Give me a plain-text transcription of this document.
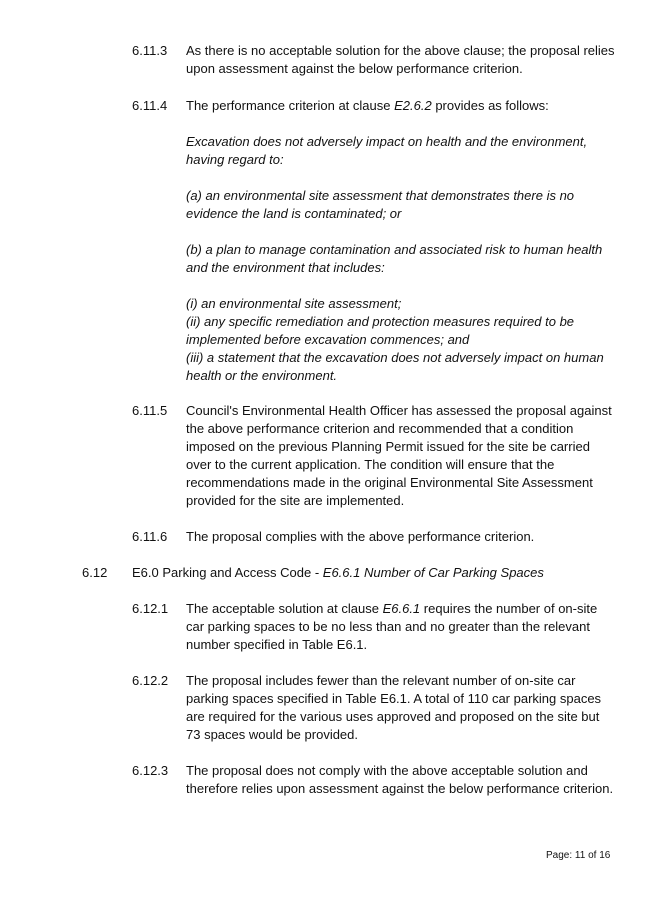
6.11.3 As there is no acceptable solution for the above clause; the proposal relies upon assessment against the below performance criterion.

6.11.4 The performance criterion at clause E2.6.2 provides as follows:

Excavation does not adversely impact on health and the environment, having regard to:

(a) an environmental site assessment that demonstrates there is no evidence the land is contaminated; or

(b) a plan to manage contamination and associated risk to human health and the environment that includes:

(i) an environmental site assessment;
(ii) any specific remediation and protection measures required to be implemented before excavation commences; and
(iii) a statement that the excavation does not adversely impact on human health or the environment.
6.11.5 Council's Environmental Health Officer has assessed the proposal against the above performance criterion and recommended that a condition imposed on the previous Planning Permit issued for the site be carried over to the current application. The condition will ensure that the recommendations made in the original Environmental Site Assessment provided for the site are implemented.

6.11.6 The proposal complies with the above performance criterion.

6.12 E6.0 Parking and Access Code - E6.6.1 Number of Car Parking Spaces

6.12.1 The acceptable solution at clause E6.6.1 requires the number of on-site car parking spaces to be no less than and no greater than the relevant number specified in Table E6.1.

6.12.2 The proposal includes fewer than the relevant number of on-site car parking spaces specified in Table E6.1. A total of 110 car parking spaces are required for the various uses approved and proposed on the site but 73 spaces would be provided.

6.12.3 The proposal does not comply with the above acceptable solution and therefore relies upon assessment against the below performance criterion.

Page: 11 of 16
